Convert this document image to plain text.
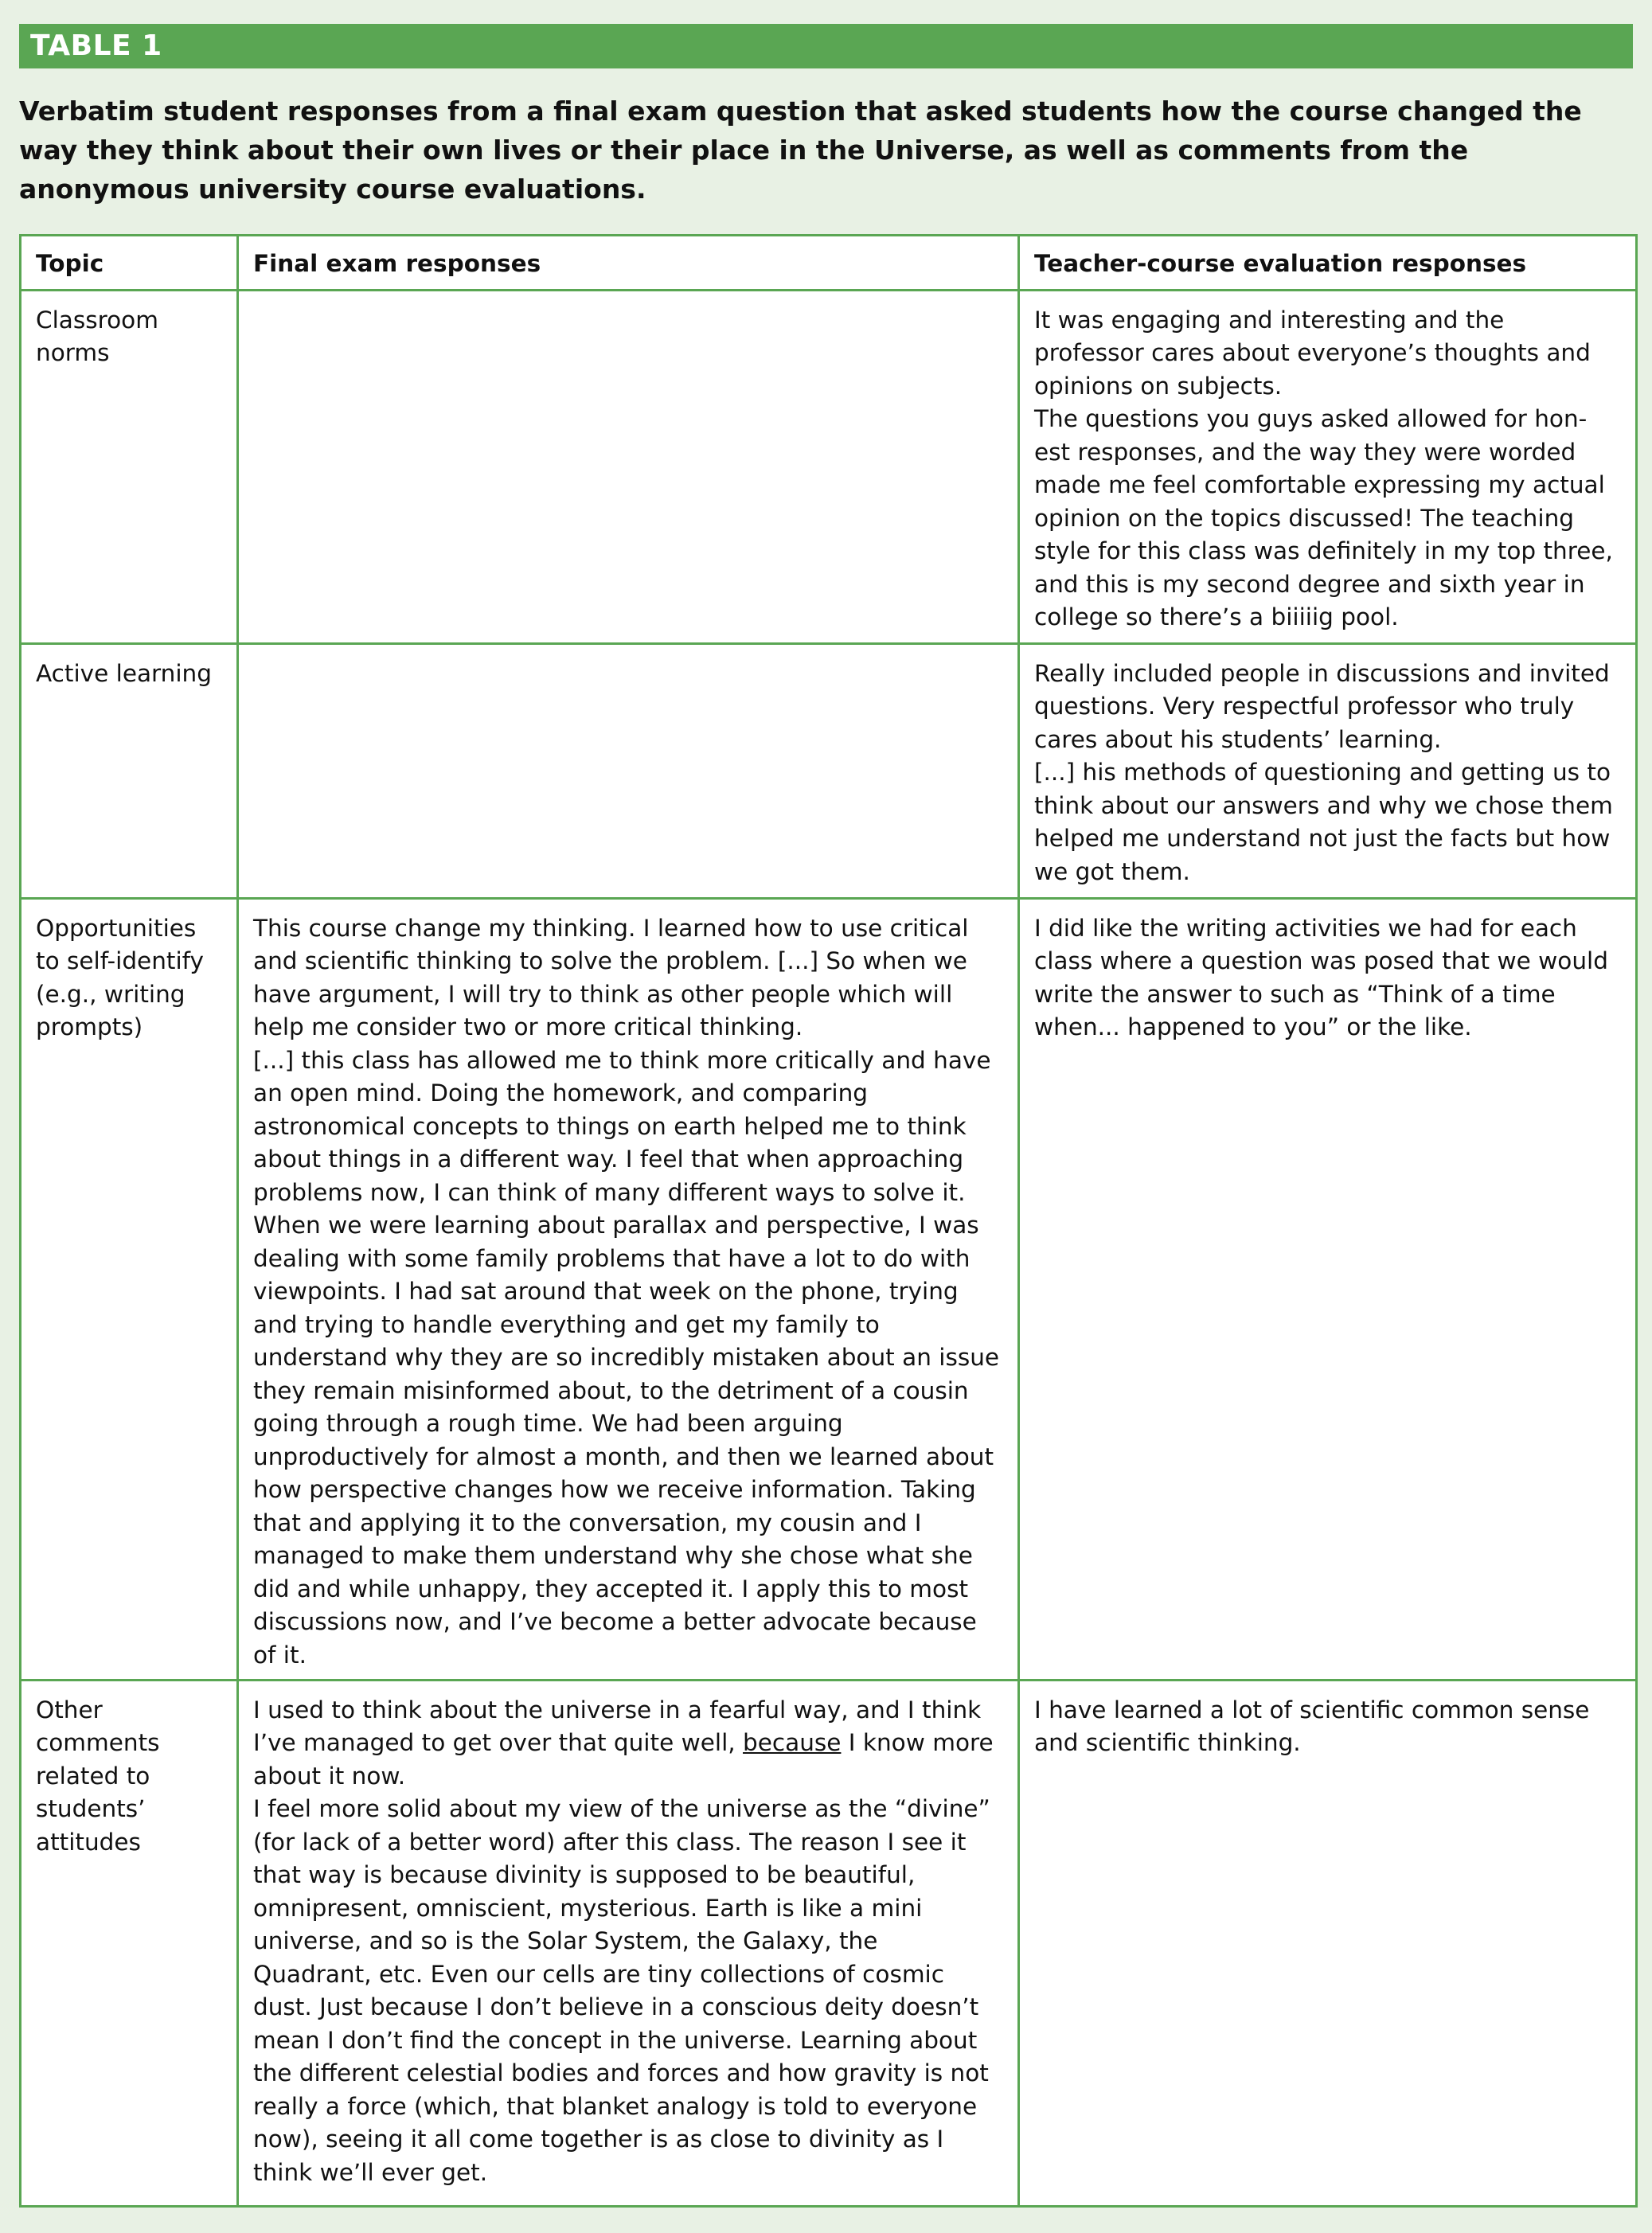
TABLE 1
Verbatim student responses from a final exam question that asked students how the course changed the way they think about their own lives or their place in the Universe, as well as comments from the anonymous university course evaluations.
Topic	Final exam responses	Teacher-course evaluation responses
Classroom norms		It was engaging and interesting and the professor cares about everyone’s thoughts and opinions on subjects.
The questions you guys asked allowed for hon-est responses, and the way they were worded made me feel comfortable expressing my actual opinion on the topics discussed! The teaching style for this class was definitely in my top three, and this is my second degree and sixth year in college so there’s a biiiiig pool.

Active learning		Really included people in discussions and invited questions. Very respectful professor who truly cares about his students’ learning.
[...] his methods of questioning and getting us to think about our answers and why we chose them helped me understand not just the facts but how we got them.

Opportunities to self-identify (e.g., writing prompts)	This course change my thinking. I learned how to use critical and scientific thinking to solve the problem. [...] So when we have argument, I will try to think as other people which will help me consider two or more critical thinking.
[...] this class has allowed me to think more critically and have an open mind. Doing the homework, and comparing astronomical concepts to things on earth helped me to think about things in a different way. I feel that when approaching problems now, I can think of many different ways to solve it.
When we were learning about parallax and perspective, I was dealing with some family problems that have a lot to do with viewpoints. I had sat around that week on the phone, trying and trying to handle everything and get my family to understand why they are so incredibly mistaken about an issue they remain misinformed about, to the detriment of a cousin going through a rough time. We had been arguing unproductively for almost a month, and then we learned about how perspective changes how we receive information. Taking that and applying it to the conversation, my cousin and I managed to make them understand why she chose what she did and while unhappy, they accepted it. I apply this to most discussions now, and I’ve become a better advocate because of it.	I did like the writing activities we had for each class where a question was posed that we would write the answer to such as “Think of a time when... happened to you” or the like.

Other comments related to students’ attitudes	I used to think about the universe in a fearful way, and I think I’ve managed to get over that quite well, because I know more about it now.
I feel more solid about my view of the universe as the “divine” (for lack of a better word) after this class. The reason I see it that way is because divinity is supposed to be beautiful, omnipresent, omniscient, mysterious. Earth is like a mini universe, and so is the Solar System, the Galaxy, the Quadrant, etc. Even our cells are tiny collections of cosmic dust. Just because I don’t believe in a conscious deity doesn’t mean I don’t find the concept in the universe. Learning about the different celestial bodies and forces and how gravity is not really a force (which, that blanket analogy is told to everyone now), seeing it all come together is as close to divinity as I think we’ll ever get.	I have learned a lot of scientific common sense and scientific thinking.
